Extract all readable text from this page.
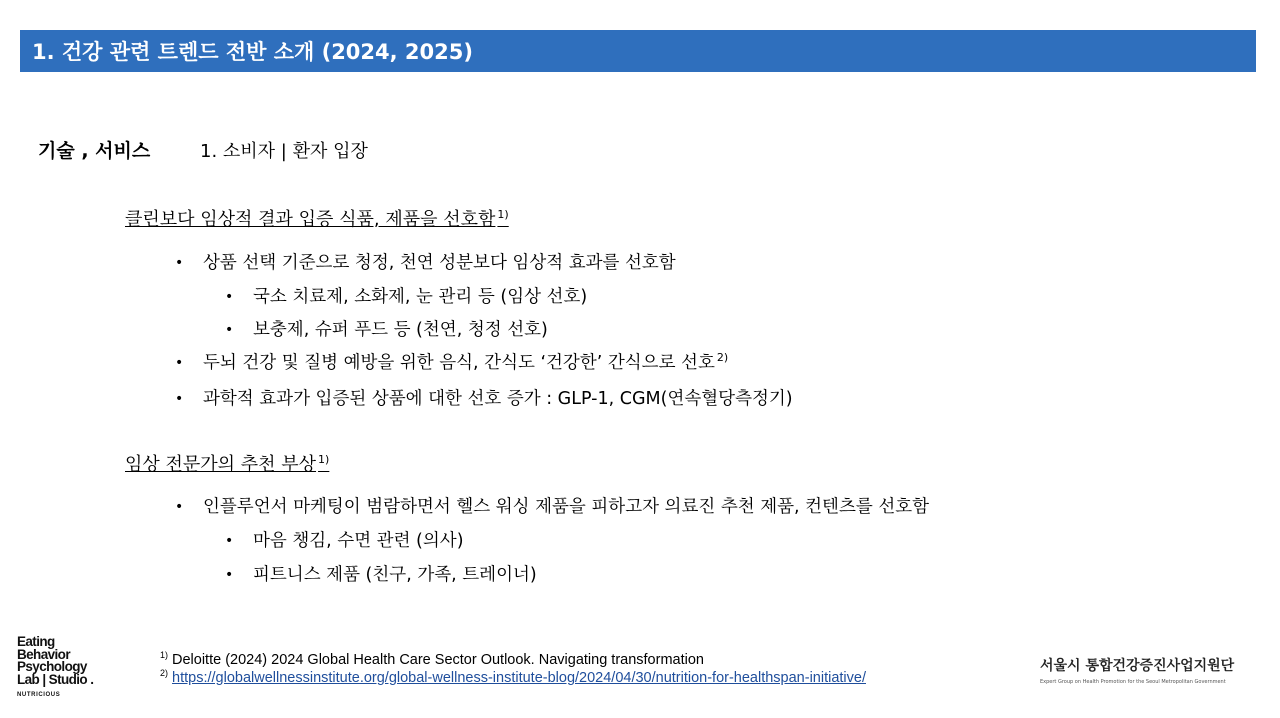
1. 건강 관련 트렌드 전반 소개 (2024, 2025)
기술 , 서비스	1. 소비자 | 환자 입장
클린보다 임상적 결과 입증 식품, 제품을 선호함 $^{1)}$
• 상품 선택 기준으로 청정, 천연 성분보다 임상적 효과를 선호함
• 국소 치료제, 소화제, 눈 관리 등 (임상 선호)
• 보충제, 슈퍼 푸드 등 (천연, 청정 선호)
• 두뇌 건강 및 질병 예방을 위한 음식, 간식도 ‘건강한’ 간식으로 선호 $^{2)}$
• 과학적 효과가 입증된 상품에 대한 선호 증가 : GLP-1, CGM(연속혈당측정기)
임상 전문가의 추천 부상 $^{1)}$
• 인플루언서 마케팅이 범람하면서 헬스 워싱 제품을 피하고자 의료진 추천 제품, 컨텐츠를 선호함
• 마음 챙김, 수면 관련 (의사)
• 피트니스 제품 (친구, 가족, 트레이너)
Eating
Behavior
Psychology
Lab | Studio .
NUTRICIOUS
$^{1)}$ Deloitte (2024) 2024 Global Health Care Sector Outlook. Navigating transformation
$^{2)}$ https://globalwellnessinstitute.org/global-wellness-institute-blog/2024/04/30/nutrition-for-healthspan-initiative/
서울시 통합건강증진사업지원단
Expert Group on Health Promotion for the Seoul Metropolitan Government
